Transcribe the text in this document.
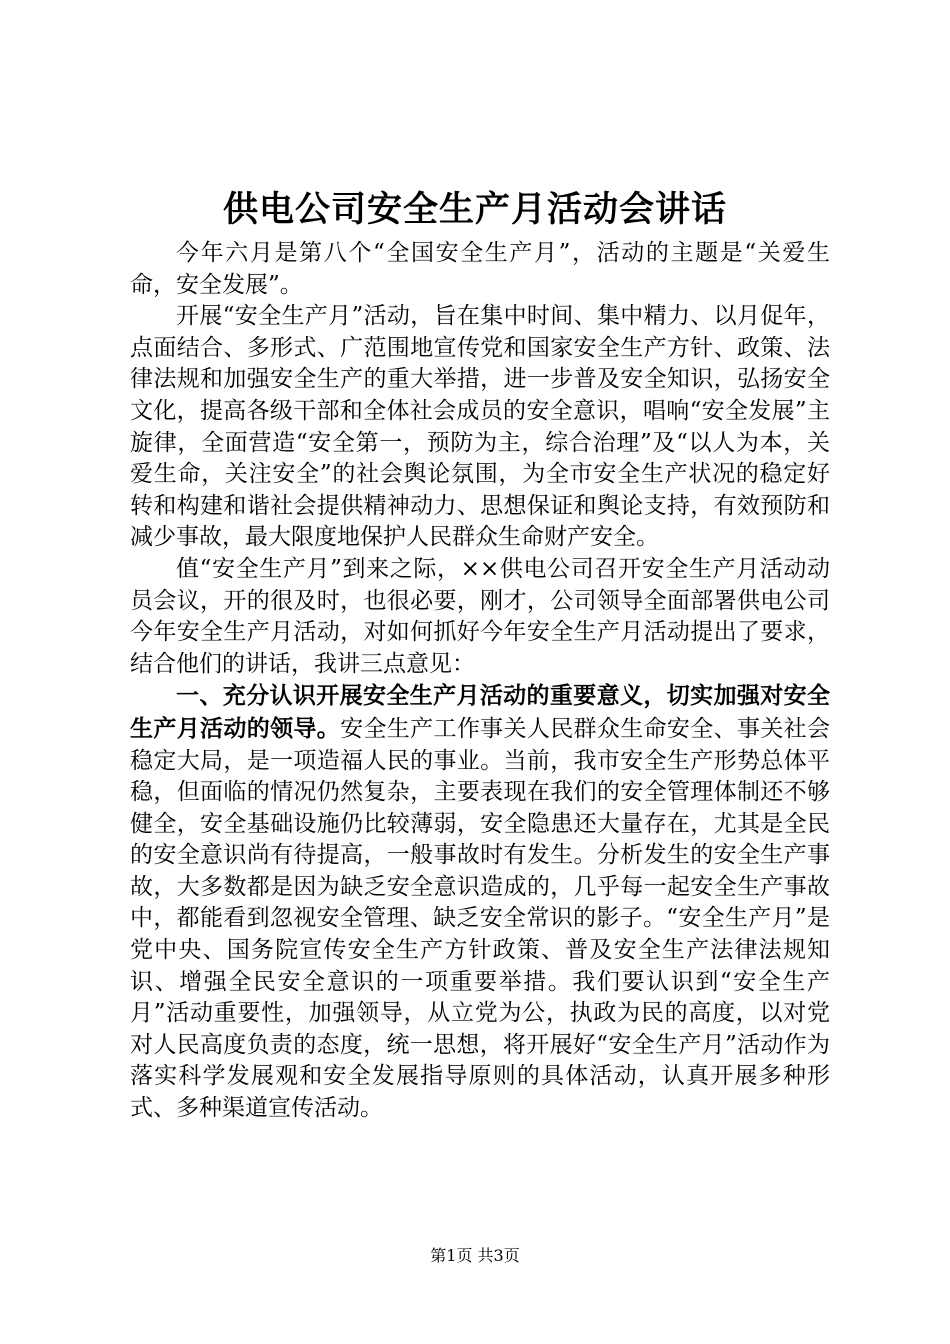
供电公司安全生产月活动会讲话

今年六月是第八个“全国安全生产月”，活动的主题是“关爱生命，安全发展”。

开展“安全生产月”活动，旨在集中时间、集中精力、以月促年，点面结合、多形式、广范围地宣传党和国家安全生产方针、政策、法律法规和加强安全生产的重大举措，进一步普及安全知识，弘扬安全文化，提高各级干部和全体社会成员的安全意识，唱响“安全发展”主旋律，全面营造“安全第一，预防为主，综合治理”及“以人为本，关爱生命，关注安全”的社会舆论氛围，为全市安全生产状况的稳定好转和构建和谐社会提供精神动力、思想保证和舆论支持，有效预防和减少事故，最大限度地保护人民群众生命财产安全。

值“安全生产月”到来之际，××供电公司召开安全生产月活动动员会议，开的很及时，也很必要，刚才，公司领导全面部署供电公司今年安全生产月活动，对如何抓好今年安全生产月活动提出了要求，结合他们的讲话，我讲三点意见：

一、充分认识开展安全生产月活动的重要意义，切实加强对安全生产月活动的领导。安全生产工作事关人民群众生命安全、事关社会稳定大局，是一项造福人民的事业。当前，我市安全生产形势总体平稳，但面临的情况仍然复杂，主要表现在我们的安全管理体制还不够健全，安全基础设施仍比较薄弱，安全隐患还大量存在，尤其是全民的安全意识尚有待提高，一般事故时有发生。分析发生的安全生产事故，大多数都是因为缺乏安全意识造成的，几乎每一起安全生产事故中，都能看到忽视安全管理、缺乏安全常识的影子。“安全生产月”是党中央、国务院宣传安全生产方针政策、普及安全生产法律法规知识、增强全民安全意识的一项重要举措。我们要认识到“安全生产月”活动重要性，加强领导，从立党为公，执政为民的高度，以对党对人民高度负责的态度，统一思想，将开展好“安全生产月”活动作为落实科学发展观和安全发展指导原则的具体活动，认真开展多种形式、多种渠道宣传活动。

第1页 共3页
